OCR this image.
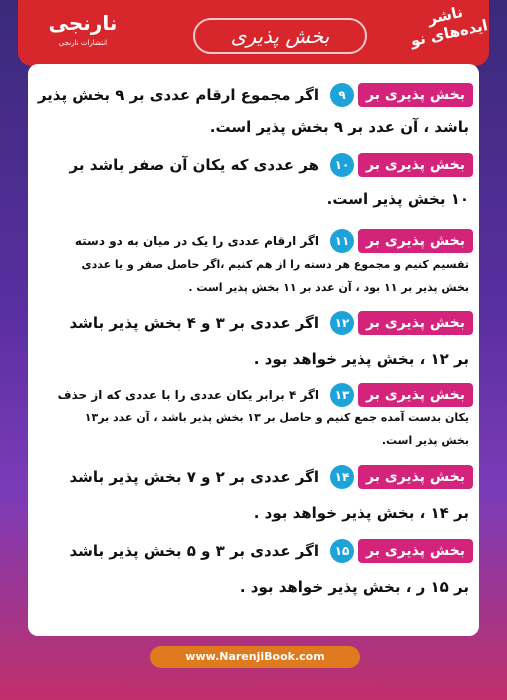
نارنجی
انتشارات نارنجی	بخش پذیری
ناشر ایده‌های نو
بخش پذیری بر
۹
اگر مجموع ارقام عددی بر ۹ بخش پذیر
باشد ، آن عدد بر ۹ بخش پذیر است.
بخش پذیری بر
۱۰
هر عددی که یکان آن صفر باشد بر
۱۰ بخش پذیر است.
بخش پذیری بر
۱۱
اگر ارقام عددی را یک در میان به دو دسته
تقسیم کنیم و مجموع هر دسته را از هم کنیم ،اگر حاصل صفر و یا عددی
بخش پذیر بر ۱۱ بود ، آن عدد بر ۱۱ بخش پذیر است .
بخش پذیری بر
۱۲
اگر عددی بر ۳ و ۴ بخش پذیر باشد
بر ۱۲ ، بخش پذیر خواهد بود .
بخش پذیری بر
۱۳
اگر ۴ برابر یکان عددی را با عددی که از حذف
یکان بدست آمده جمع کنیم و حاصل بر ۱۳ بخش پذیر باشد ، آن عدد بر۱۳
بخش پذیر است.
بخش پذیری بر
۱۴
اگر عددی بر ۲ و ۷ بخش پذیر باشد
بر ۱۴ ، بخش پذیر خواهد بود .
بخش پذیری بر
۱۵
اگر عددی بر ۳ و ۵ بخش پذیر باشد
بر ۱۵ ر ، بخش پذیر خواهد بود .
www.NarenjiBook.com
